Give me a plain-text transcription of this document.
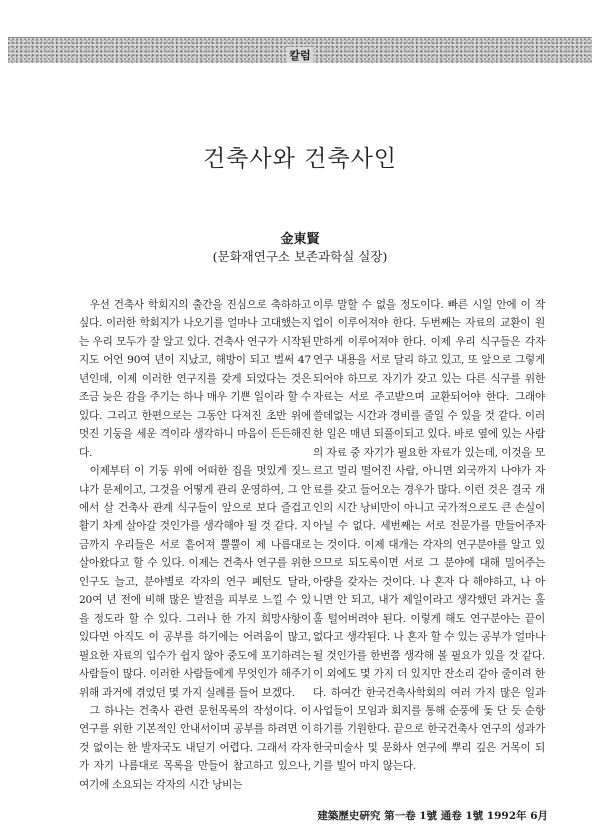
칼럼
건축사와 건축사인
金東賢
(문화재연구소 보존과학실 실장)

우선 건축사 학회지의 출간을 진심으로 축하하고 싶다. 이러한 학회지가 나오기를 얼마나 고대했는지는 우리 모두가 잘 알고 있다. 건축사 연구가 시작된 지도 어언 90여 년이 지났고, 해방이 되고 벌써 47년인데, 이제 이러한 연구지를 갖게 되었다는 것은 조금 늦은 감을 주기는 하나 매우 기쁜 일이라 할 수 있다. 그리고 한편으로는 그동안 다져진 초반 위에 멋진 기둥을 세운 격이라 생각하니 마음이 든든해진다.

이제부터 이 기둥 위에 어떠한 집을 멋있게 짓느냐가 문제이고, 그것을 어떻게 관리 운영하여, 그 안에서 살 건축사 관계 식구들이 앞으로 보다 즐겁고 활기 차게 살아갈 것인가를 생각해야 될 것 같다. 지금까지 우리들은 서로 흩어져 뿔뿔이 제 나름대로 살아왔다고 할 수 있다. 이제는 건축사 연구를 위한 인구도 늘고, 분야별로 각자의 연구 폐턴도 달라, 20여 년 전에 비해 많은 발전을 피부로 느낄 수 있을 정도라 할 수 있다. 그러나 한 가지 희망사항이 있다면 아직도 이 공부를 하기에는 어려움이 많고, 필요한 자료의 입수가 쉽지 않아 중도에 포기하려는 사람들이 많다. 이러한 사람들에게 무엇인가 해주기 위해 과거에 겪었던 몇 가지 실례를 들어 보겠다.

그 하나는 건축사 관련 문헌목록의 작성이다. 이 연구를 위한 기본적인 안내서이며 공부를 하려면 이것 없이는 한 발자국도 내딛기 어렵다. 그래서 각자가 자기 나름대로 목록을 만들어 참고하고 있으나, 여기에 소요되는 각자의 시간 낭비는

이루 말할 수 없을 정도이다. 빠른 시일 안에 이 작업이 이루어져야 한다. 두번째는 자료의 교환이 원만하게 이루어져야 한다. 이제 우리 식구들은 각자 연구 내용을 서로 달리 하고 있고, 또 앞으로 그렇게 되어야 하므로 자기가 갖고 있는 다른 식구를 위한 자료는 서로 주고받으며 교환되어야 한다. 그래야 쓸데없는 시간과 경비를 줄일 수 있을 것 같다. 이러한 일은 매년 되풀이되고 있다. 바로 옆에 있는 사람의 자료 중 자기가 필요한 자료가 있는데, 이것을 모르고 멀리 떨어진 사람, 아니면 외국까지 나야가 자료를 갖고 들어오는 경우가 많다. 이런 것은 결국 개인의 시간 낭비만이 아니고 국가적으로도 큰 손실이 아닐 수 없다. 세번째는 서로 전문가를 만들어주자는 것이다. 이제 대개는 각자의 연구분야를 알고 있으므로 되도록이면 서로 그 분야에 대해 밀어주는 아량을 갖자는 것이다. 나 혼자 다 해야하고, 나 아니면 안 되고, 내가 제일이라고 생각했던 과거는 훌훌 털어버려야 된다. 이렇게 해도 연구분야는 끝이 없다고 생각된다. 나 혼자 할 수 있는 공부가 얼마나 될 것인가를 한번쯤 생각해 볼 필요가 있을 것 같다. 이 외에도 몇 가지 더 있지만 잔소리 같아 줄이려 한다. 하여간 한국건축사학회의 여러 가지 많은 일과 사업들이 모임과 회지를 통해 순풍에 돛 단 듯 순항하기를 기원한다. 끝으로 한국건축사 연구의 성과가 한국미술사 및 문화사 연구에 뿌리 깊은 거목이 되기를 빌어 마지 않는다.

建築歷史硏究 第一卷 1號 通卷 1號 1992年 6月
